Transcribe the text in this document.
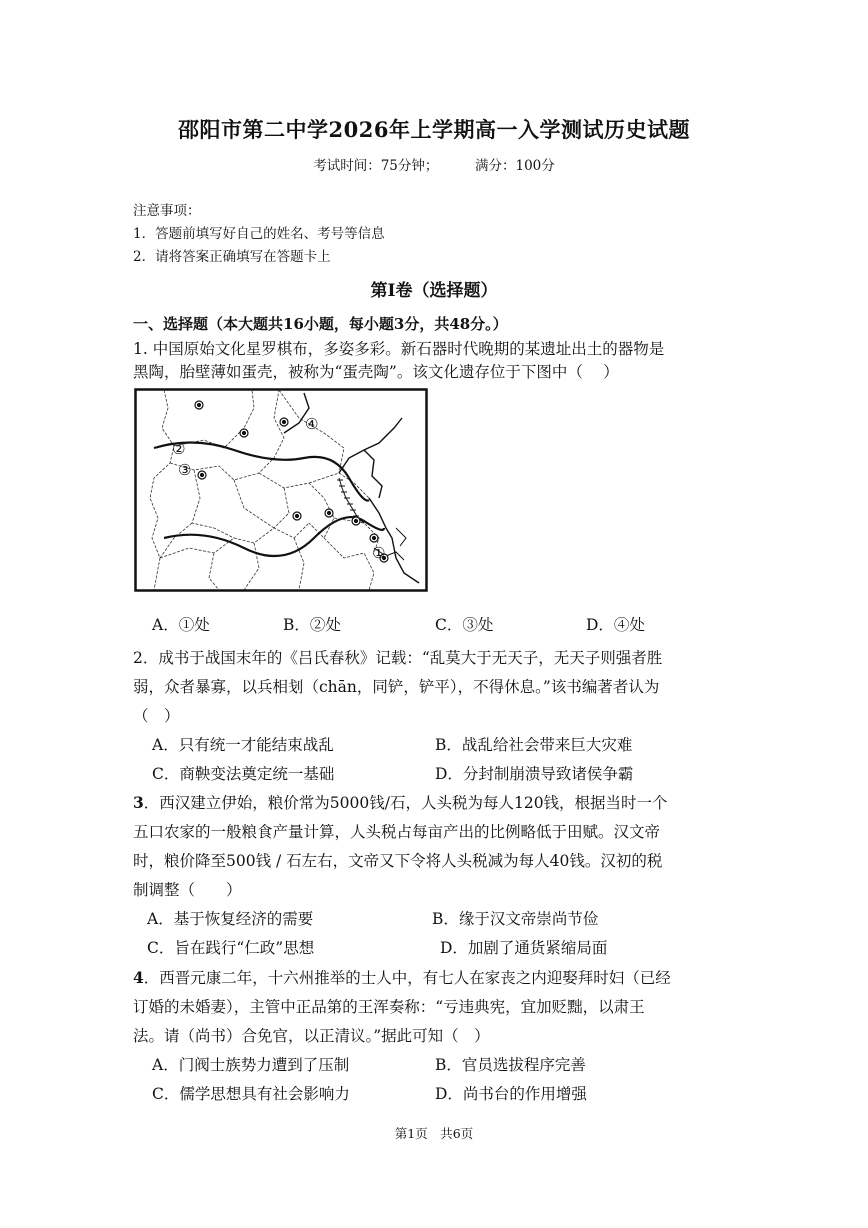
邵阳市第二中学2026年上学期高一入学测试历史试题
考试时间：75分钟；	满分：100分
注意事项：
1．答题前填写好自己的姓名、考号等信息
2．请将答案正确填写在答题卡上
第Ⅰ卷（选择题）
一、选择题（本大题共16小题，每小题3分，共48分。）
1. 中国原始文化星罗棋布，多姿多彩。新石器时代晚期的某遗址出土的器物是
黑陶，胎壁薄如蛋壳，被称为“蛋壳陶”。该文化遗存位于下图中（　 ）
④
②
③
①
A．①处	B．②处	C．③处	D．④处
2．成书于战国末年的《吕氏春秋》记载：“乱莫大于无天子，无天子则强者胜
弱，众者暴寡，以兵相刬（chān，同铲，铲平），不得休息。”该书编著者认为
（　）
A．只有统一才能结束战乱	B．战乱给社会带来巨大灾难
C．商鞅变法奠定统一基础	D．分封制崩溃导致诸侯争霸
3．西汉建立伊始，粮价常为5000钱/石，人头税为每人120钱，根据当时一个
五口农家的一般粮食产量计算，人头税占每亩产出的比例略低于田赋。汉文帝
时，粮价降至500钱 / 石左右，文帝又下令将人头税减为每人40钱。汉初的税
制调整（　　）
A．基于恢复经济的需要	B．缘于汉文帝崇尚节俭
C．旨在践行“仁政”思想	D．加剧了通货紧缩局面
4．西晋元康二年，十六州推举的士人中，有七人在家丧之内迎娶拜时妇（已经
订婚的未婚妻），主管中正品第的王浑奏称：“亏违典宪，宜加贬黜，以肃王
法。请（尚书）合免官，以正清议。”据此可知（　）
A．门阀士族势力遭到了压制	B．官员选拔程序完善
C．儒学思想具有社会影响力	D．尚书台的作用增强
第1页　共6页
